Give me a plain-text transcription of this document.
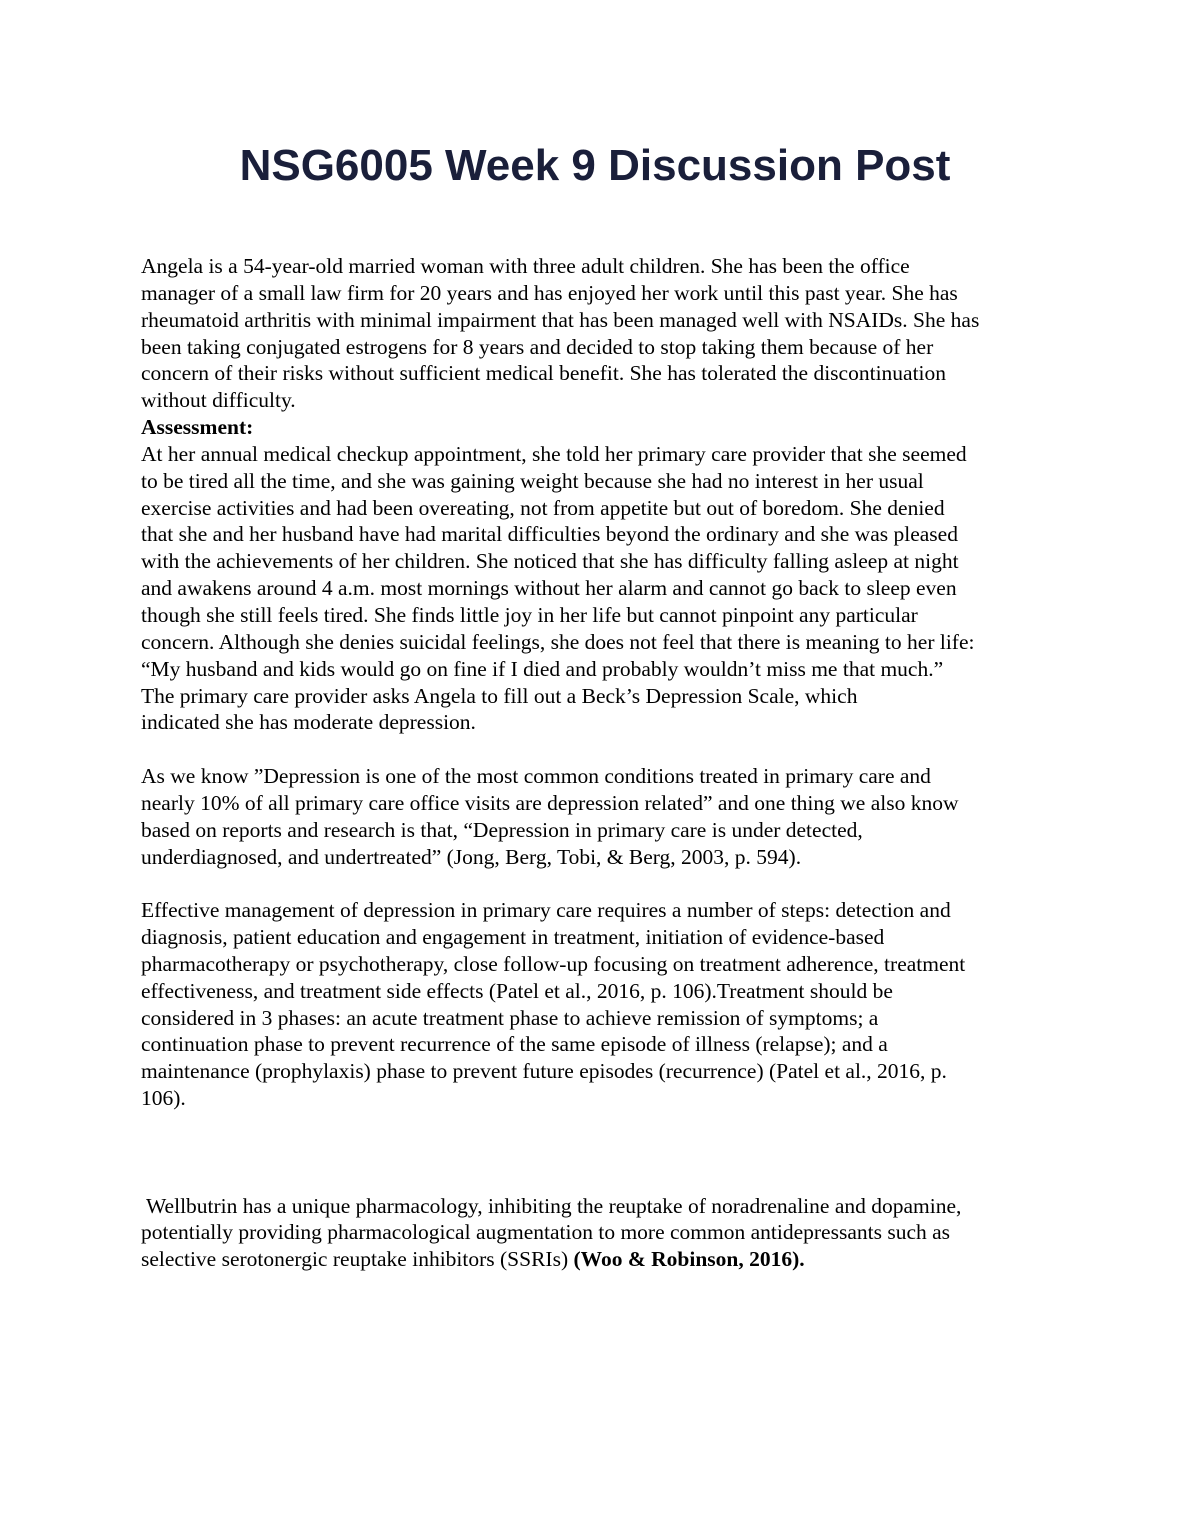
NSG6005 Week 9 Discussion Post
Angela is a 54-year-old married woman with three adult children. She has been the office
manager of a small law firm for 20 years and has enjoyed her work until this past year. She has
rheumatoid arthritis with minimal impairment that has been managed well with NSAIDs. She has
been taking conjugated estrogens for 8 years and decided to stop taking them because of her
concern of their risks without sufficient medical benefit. She has tolerated the discontinuation
without difficulty.
Assessment:
At her annual medical checkup appointment, she told her primary care provider that she seemed
to be tired all the time, and she was gaining weight because she had no interest in her usual
exercise activities and had been overeating, not from appetite but out of boredom. She denied
that she and her husband have had marital difficulties beyond the ordinary and she was pleased
with the achievements of her children. She noticed that she has difficulty falling asleep at night
and awakens around 4 a.m. most mornings without her alarm and cannot go back to sleep even
though she still feels tired. She finds little joy in her life but cannot pinpoint any particular
concern. Although she denies suicidal feelings, she does not feel that there is meaning to her life:
“My husband and kids would go on fine if I died and probably wouldn’t miss me that much.”
The primary care provider asks Angela to fill out a Beck’s Depression Scale, which
indicated she has moderate depression.
As we know ”Depression is one of the most common conditions treated in primary care and
nearly 10% of all primary care office visits are depression related” and one thing we also know
based on reports and research is that, “Depression in primary care is under detected,
underdiagnosed, and undertreated” (Jong, Berg, Tobi, & Berg, 2003, p. 594).
Effective management of depression in primary care requires a number of steps: detection and
diagnosis, patient education and engagement in treatment, initiation of evidence-based
pharmacotherapy or psychotherapy, close follow-up focusing on treatment adherence, treatment
effectiveness, and treatment side effects (Patel et al., 2016, p. 106).Treatment should be
considered in 3 phases: an acute treatment phase to achieve remission of symptoms; a
continuation phase to prevent recurrence of the same episode of illness (relapse); and a
maintenance (prophylaxis) phase to prevent future episodes (recurrence) (Patel et al., 2016, p.
106).
Wellbutrin has a unique pharmacology, inhibiting the reuptake of noradrenaline and dopamine,
potentially providing pharmacological augmentation to more common antidepressants such as
selective serotonergic reuptake inhibitors (SSRIs) (Woo & Robinson, 2016).
